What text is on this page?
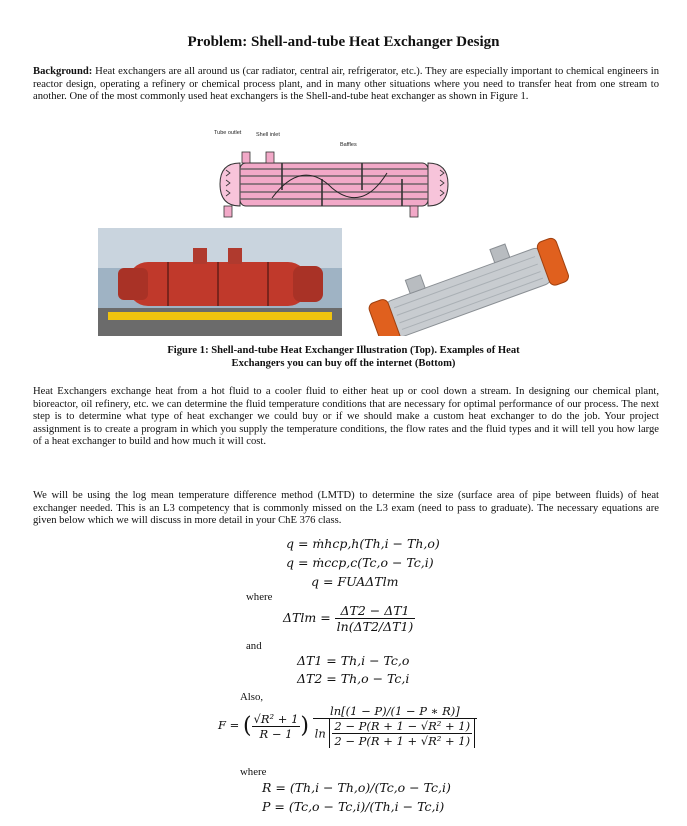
Problem: Shell-and-tube Heat Exchanger Design
Background: Heat exchangers are all around us (car radiator, central air, refrigerator, etc.). They are especially important to chemical engineers in reactor design, operating a refinery or chemical process plant, and in many other situations where you need to transfer heat from one stream to another. One of the most commonly used heat exchangers is the Shell-and-tube heat exchanger as shown in Figure 1.
Tube outlet	Shell inlet
Baffles
Figure 1: Shell-and-tube Heat Exchanger Illustration (Top). Examples of Heat
Exchangers you can buy off the internet (Bottom)
Heat Exchangers exchange heat from a hot fluid to a cooler fluid to either heat up or cool down a stream. In designing our chemical plant, bioreactor, oil refinery, etc. we can determine the fluid temperature conditions that are necessary for optimal performance of our process. The next step is to determine what type of heat exchanger we could buy or if we should make a custom heat exchanger to do the job. Your project assignment is to create a program in which you supply the temperature conditions, the flow rates and the fluid types and it will tell you how large of a heat exchanger to build and how much it will cost.
We will be using the log mean temperature difference method (LMTD) to determine the size (surface area of pipe between fluids) of heat exchanger needed. This is an L3 competency that is commonly missed on the L3 exam (need to pass to graduate). The necessary equations are given below which we will discuss in more detail in your ChE 376 class.
q = ṁhcp,h(Th,i − Th,o)
q = ṁccp,c(Tc,o − Tc,i)
q = FUAΔTlm
where
$\Delta Tlm = \frac{\Delta T2 - \Delta T1}{\ln(\Delta T2/\Delta T1)}$
and
ΔT1 = Th,i − Tc,o
ΔT2 = Th,o − Tc,i
Also,
F = ( $\frac{\text{√R² + 1}}{R - 1}$ )
ln[(1 − P)/(1 − P ∗ R)]
$\ln \frac{\text{2 − P(R + 1 − √R² + 1)}}{\text{2 − P(R + 1 + √R² + 1)}}$
where
R = (Th,i − Th,o)/(Tc,o − Tc,i)
P = (Tc,o − Tc,i)/(Th,i − Tc,i)
